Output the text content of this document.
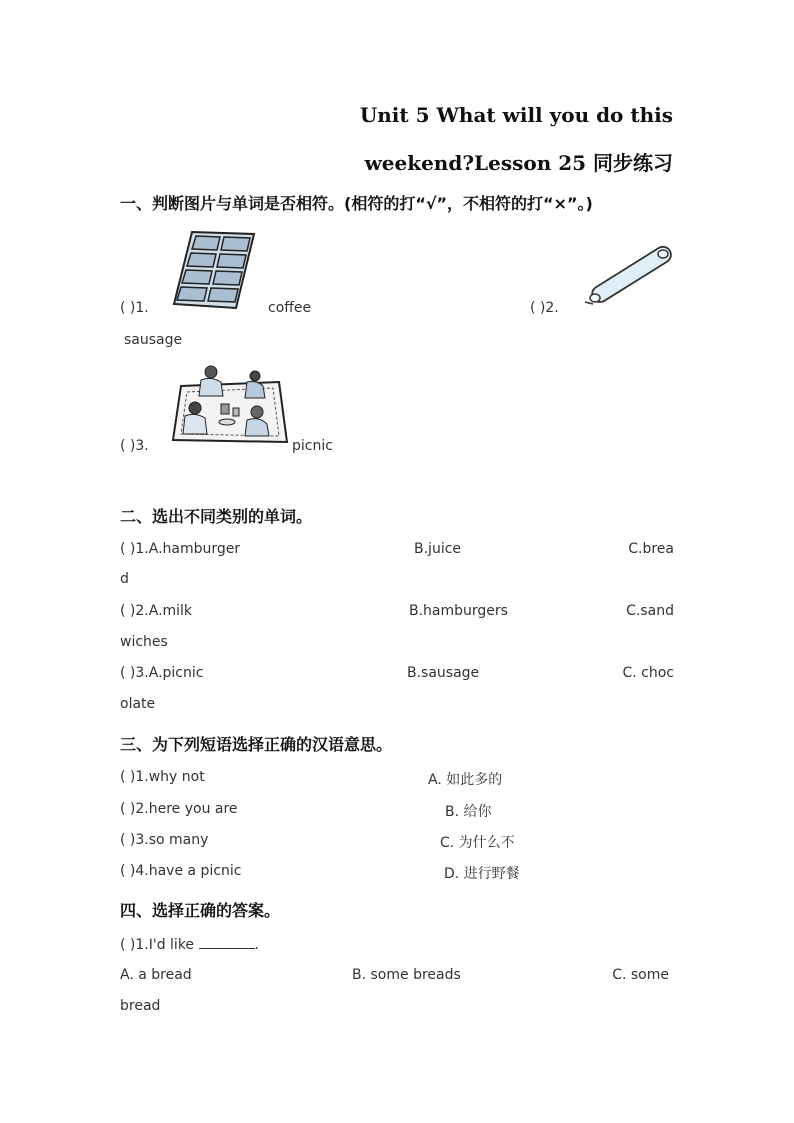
Unit 5 What will you do this
weekend?Lesson 25 同步练习
一、判断图片与单词是否相符。(相符的打“√”，不相符的打“×”。)
( )1.	coffee	( )2.
sausage
( )3.	picnic
二、选出不同类别的单词。
( )1.A.hamburger	B.juice	C.brea
d
( )2.A.milk	B.hamburgers	C.sand
wiches
( )3.A.picnic	B.sausage	C. choc
olate
三、为下列短语选择正确的汉语意思。
( )1.why not	A. 如此多的
( )2.here you are	B. 给你
( )3.so many	C. 为什么不
( )4.have a picnic	D. 进行野餐
四、选择正确的答案。
( )1.I'd like	.
A. a bread	B. some breads	C. some
bread
